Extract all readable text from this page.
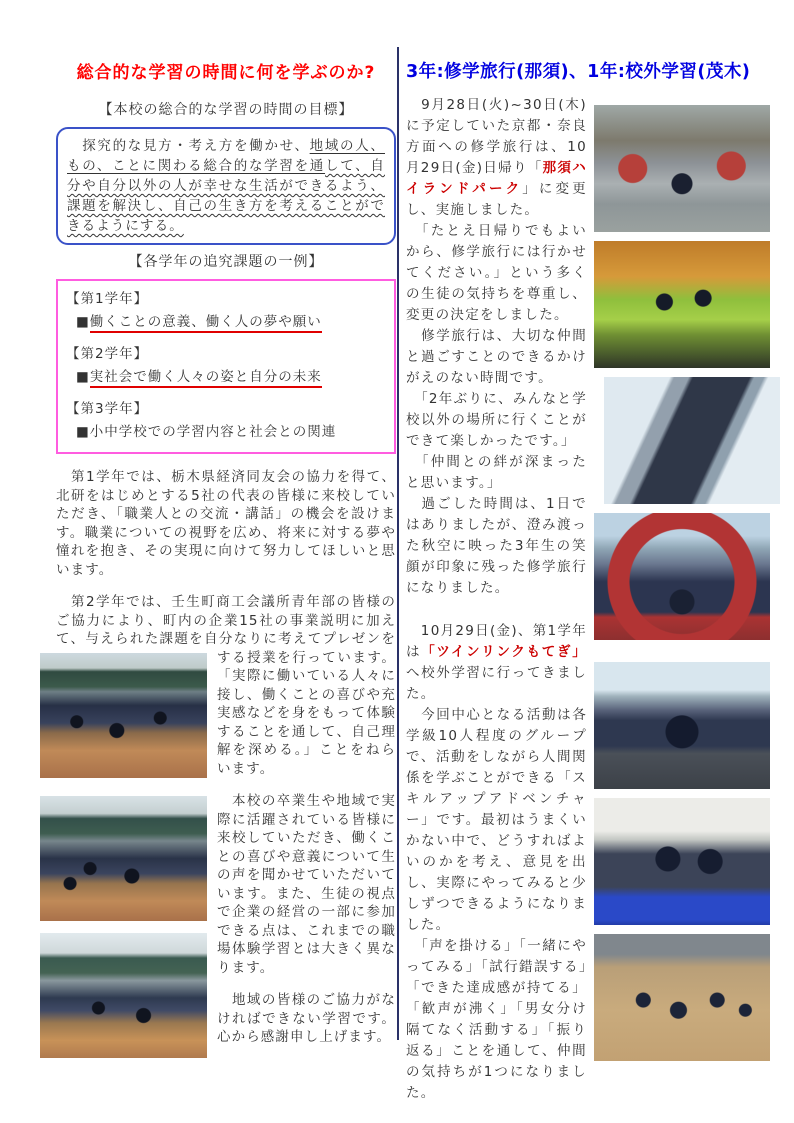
総合的な学習の時間に何を学ぶのか?
【本校の総合的な学習の時間の目標】
　探究的な見方・考え方を働かせ、地域の人、もの、ことに関わる総合的な学習を通して、自分や自分以外の人が幸せな生活ができるよう、課題を解決し、自己の生き方を考えることができるようにする。
【各学年の追究課題の一例】
【第1学年】
■働くことの意義、働く人の夢や願い
【第2学年】
■実社会で働く人々の姿と自分の未来
【第3学年】
■小中学校での学習内容と社会との関連

　第1学年では、栃木県経済同友会の協力を得て、北研をはじめとする5社の代表の皆様に来校していただき、「職業人との交流・講話」の機会を設けます。職業についての視野を広め、将来に対する夢や憧れを抱き、その実現に向けて努力してほしいと思います。

　第2学年では、壬生町商工会議所青年部の皆様のご協力により、町内の企業15社の事業説明に加えて、与えられた課題を自分なりに考えてプレ
ゼンをする授業を行っています。「実際に働いている人々に接し、働くことの喜びや充実感などを身をもって体験することを通して、自己理解を深める。」ことをねらいます。

　本校の卒業生や地域で実際に活躍されている皆様に来校していただき、働くことの喜びや意義について生の声を聞かせていただいています。また、生徒の視点で企業の経営の一部に参加できる点は、これまでの職場体験学習とは大きく異なります。

　地域の皆様のご協力がなければできない学習です。心から感謝申し上げます。

3年:修学旅行(那須)、1年:校外学習(茂木)

　9月28日(火)~30日(木)に予定していた京都・奈良方面への修学旅行は、10月29日(金)日帰り「那須ハイランドパーク」に変更し、実施しました。

　「たとえ日帰りでもよいから、修学旅行には行かせてください。」という多くの生徒の気持ちを尊重し、変更の決定をしました。

　修学旅行は、大切な仲間と過ごすことのできるかけがえのない時間です。

　「2年ぶりに、みんなと学校以外の場所に行くことができて楽しかったです。」

　「仲間との絆が深まったと思います。」

　過ごした時間は、1日ではありましたが、澄み渡った秋空に映った3年生の笑顔が印象に残った修学旅行になりました。

　10月29日(金)、第1学年は「ツインリンクもてぎ」へ校外学習に行ってきました。

　今回中心となる活動は各学級10人程度のグループで、活動をしながら人間関係を学ぶことができる「スキルアップアドベンチャー」です。最初はうまくいかない中で、どうすればよいのかを考え、意見を出し、実際にやってみると少しずつできるようになりました。

　「声を掛ける」「一緒にやってみる」「試行錯誤する」「できた達成感が持てる」「歓声が沸く」「男女分け隔てなく活動する」「振り返る」ことを通して、仲間の気持ちが1つになりました。
